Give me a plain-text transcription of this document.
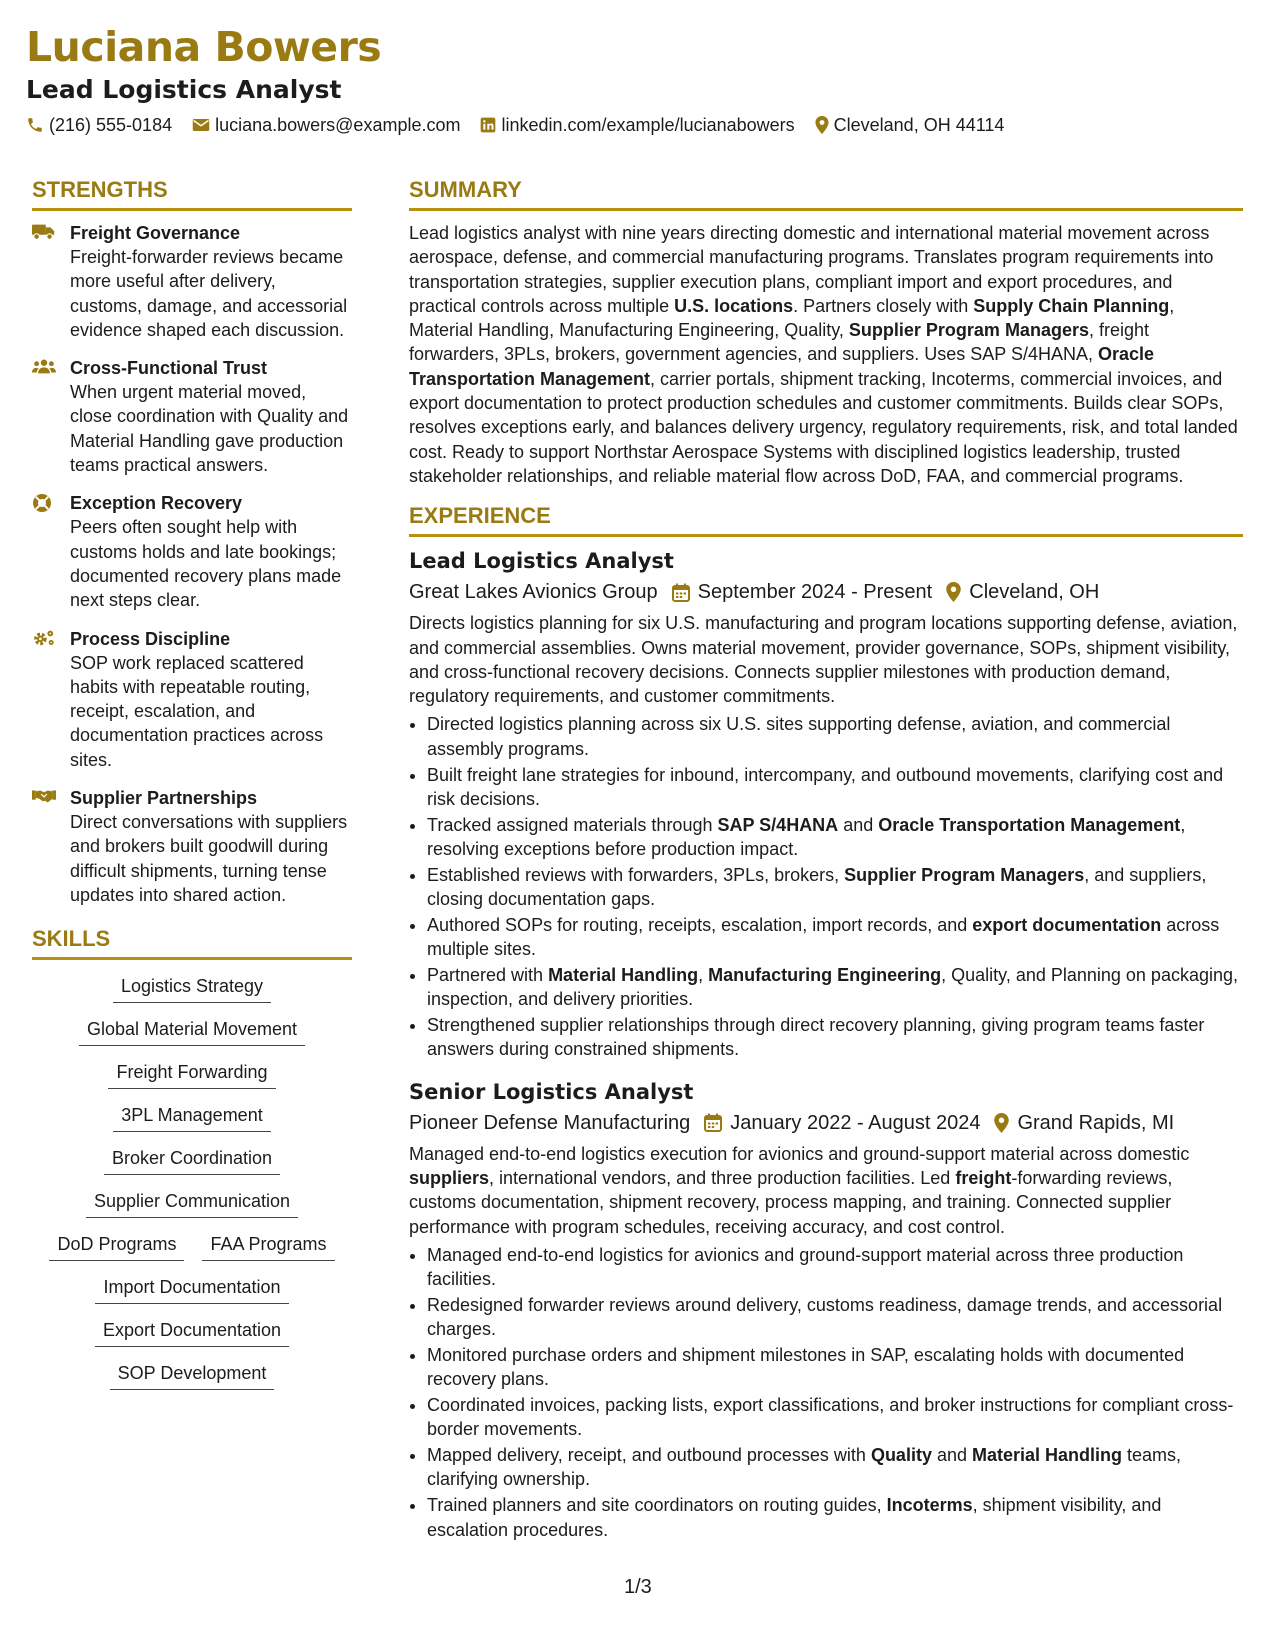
Luciana Bowers
Lead Logistics Analyst
(216) 555-0184 luciana.bowers@example.com linkedin.com/example/lucianabowers Cleveland, OH 44114
STRENGTHS
Freight Governance
Freight-forwarder reviews became more useful after delivery, customs, damage, and accessorial evidence shaped each discussion.
Cross-Functional Trust
When urgent material moved, close coordination with Quality and Material Handling gave production teams practical answers.
Exception Recovery
Peers often sought help with customs holds and late bookings; documented recovery plans made next steps clear.
Process Discipline
SOP work replaced scattered habits with repeatable routing, receipt, escalation, and documentation practices across sites.
Supplier Partnerships
Direct conversations with suppliers and brokers built goodwill during difficult shipments, turning tense updates into shared action.
SKILLS
Logistics Strategy
Global Material Movement
Freight Forwarding
3PL Management
Broker Coordination
Supplier Communication
DoD Programs	FAA Programs
Import Documentation
Export Documentation
SOP Development
SUMMARY

Lead logistics analyst with nine years directing domestic and international material movement across aerospace, defense, and commercial manufacturing programs. Translates program requirements into transportation strategies, supplier execution plans, compliant import and export procedures, and practical controls across multiple U.S. locations. Partners closely with Supply Chain Planning, Material Handling, Manufacturing Engineering, Quality, Supplier Program Managers, freight forwarders, 3PLs, brokers, government agencies, and suppliers. Uses SAP S/4HANA, Oracle Transportation Management, carrier portals, shipment tracking, Incoterms, commercial invoices, and export documentation to protect production schedules and customer commitments. Builds clear SOPs, resolves exceptions early, and balances delivery urgency, regulatory requirements, risk, and total landed cost. Ready to support Northstar Aerospace Systems with disciplined logistics leadership, trusted stakeholder relationships, and reliable material flow across DoD, FAA, and commercial programs.

EXPERIENCE
Lead Logistics Analyst
Great Lakes Avionics Group September 2024 - Present Cleveland, OH

Directs logistics planning for six U.S. manufacturing and program locations supporting defense, aviation, and commercial assemblies. Owns material movement, provider governance, SOPs, shipment visibility, and cross-functional recovery decisions. Connects supplier milestones with production demand, regulatory requirements, and customer commitments.

• Directed logistics planning across six U.S. sites supporting defense, aviation, and commercial assembly programs.
• Built freight lane strategies for inbound, intercompany, and outbound movements, clarifying cost and risk decisions.
• Tracked assigned materials through SAP S/4HANA and Oracle Transportation Management, resolving exceptions before production impact.
• Established reviews with forwarders, 3PLs, brokers, Supplier Program Managers, and suppliers, closing documentation gaps.
• Authored SOPs for routing, receipts, escalation, import records, and export documentation across multiple sites.
• Partnered with Material Handling, Manufacturing Engineering, Quality, and Planning on packaging, inspection, and delivery priorities.
• Strengthened supplier relationships through direct recovery planning, giving program teams faster answers during constrained shipments.
Senior Logistics Analyst
Pioneer Defense Manufacturing January 2022 - August 2024 Grand Rapids, MI

Managed end-to-end logistics execution for avionics and ground-support material across domestic suppliers, international vendors, and three production facilities. Led freight-forwarding reviews, customs documentation, shipment recovery, process mapping, and training. Connected supplier performance with program schedules, receiving accuracy, and cost control.

• Managed end-to-end logistics for avionics and ground-support material across three production facilities.
• Redesigned forwarder reviews around delivery, customs readiness, damage trends, and accessorial charges.
• Monitored purchase orders and shipment milestones in SAP, escalating holds with documented recovery plans.
• Coordinated invoices, packing lists, export classifications, and broker instructions for compliant cross-border movements.
• Mapped delivery, receipt, and outbound processes with Quality and Material Handling teams, clarifying ownership.
• Trained planners and site coordinators on routing guides, Incoterms, shipment visibility, and escalation procedures.
1/3
